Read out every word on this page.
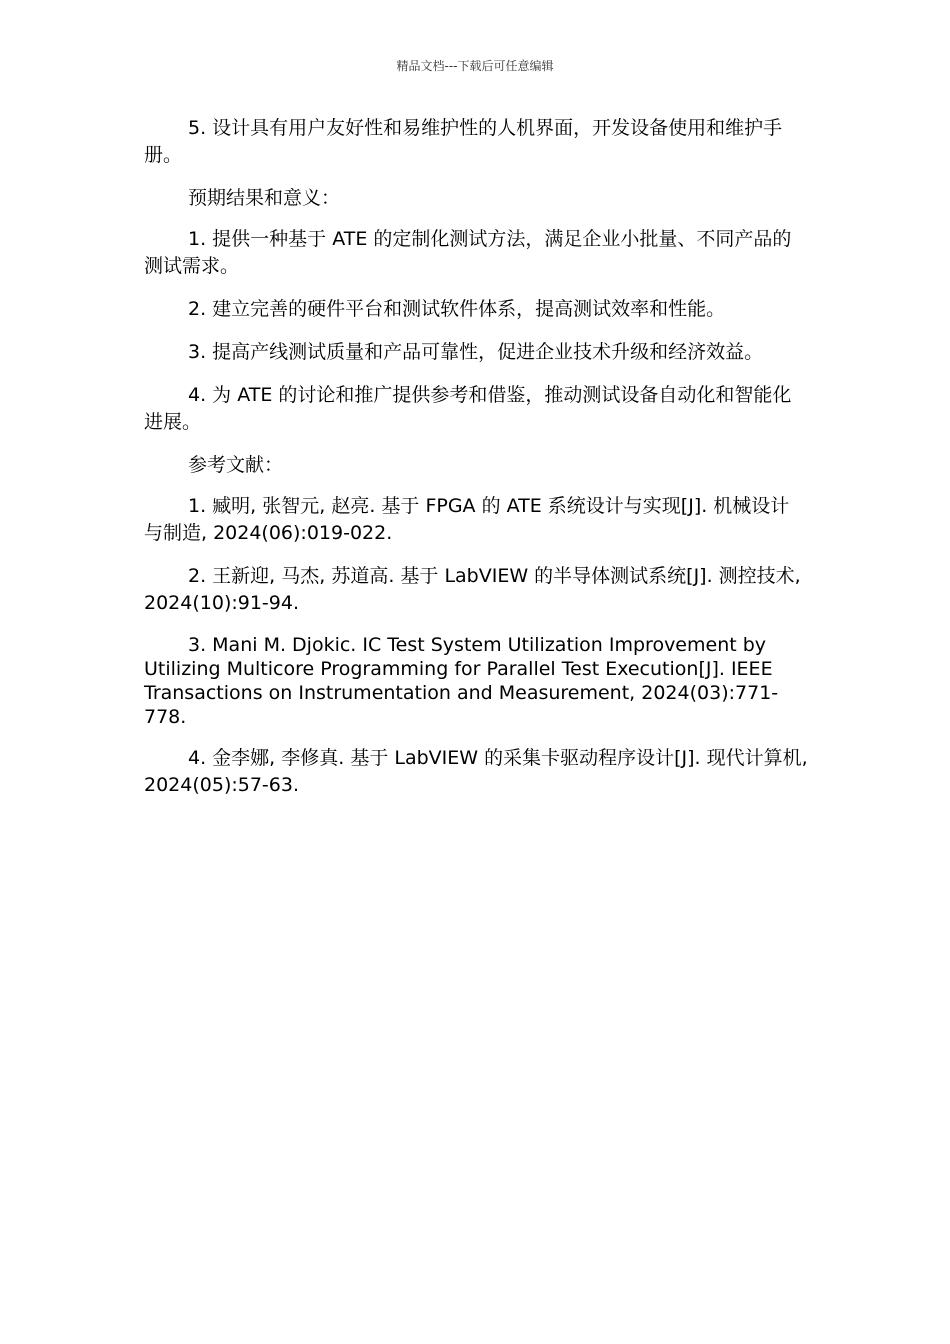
精品文档---下载后可任意编辑

5. 设计具有用户友好性和易维护性的人机界面，开发设备使用和维护手册。

预期结果和意义：

1. 提供一种基于 ATE 的定制化测试方法，满足企业小批量、不同产品的测试需求。

2. 建立完善的硬件平台和测试软件体系，提高测试效率和性能。

3. 提高产线测试质量和产品可靠性，促进企业技术升级和经济效益。

4. 为 ATE 的讨论和推广提供参考和借鉴，推动测试设备自动化和智能化进展。

参考文献：

1. 臧明, 张智元, 赵亮. 基于 FPGA 的 ATE 系统设计与实现[J]. 机械设计与制造, 2024(06):019-022.

2. 王新迎, 马杰, 苏道高. 基于 LabVIEW 的半导体测试系统[J]. 测控技术, 2024(10):91-94.

3. Mani M. Djokic. IC Test System Utilization Improvement by Utilizing Multicore Programming for Parallel Test Execution[J]. IEEE Transactions on Instrumentation and Measurement, 2024(03):771-778.

4. 金李娜, 李修真. 基于 LabVIEW 的采集卡驱动程序设计[J]. 现代计算机, 2024(05):57-63.
